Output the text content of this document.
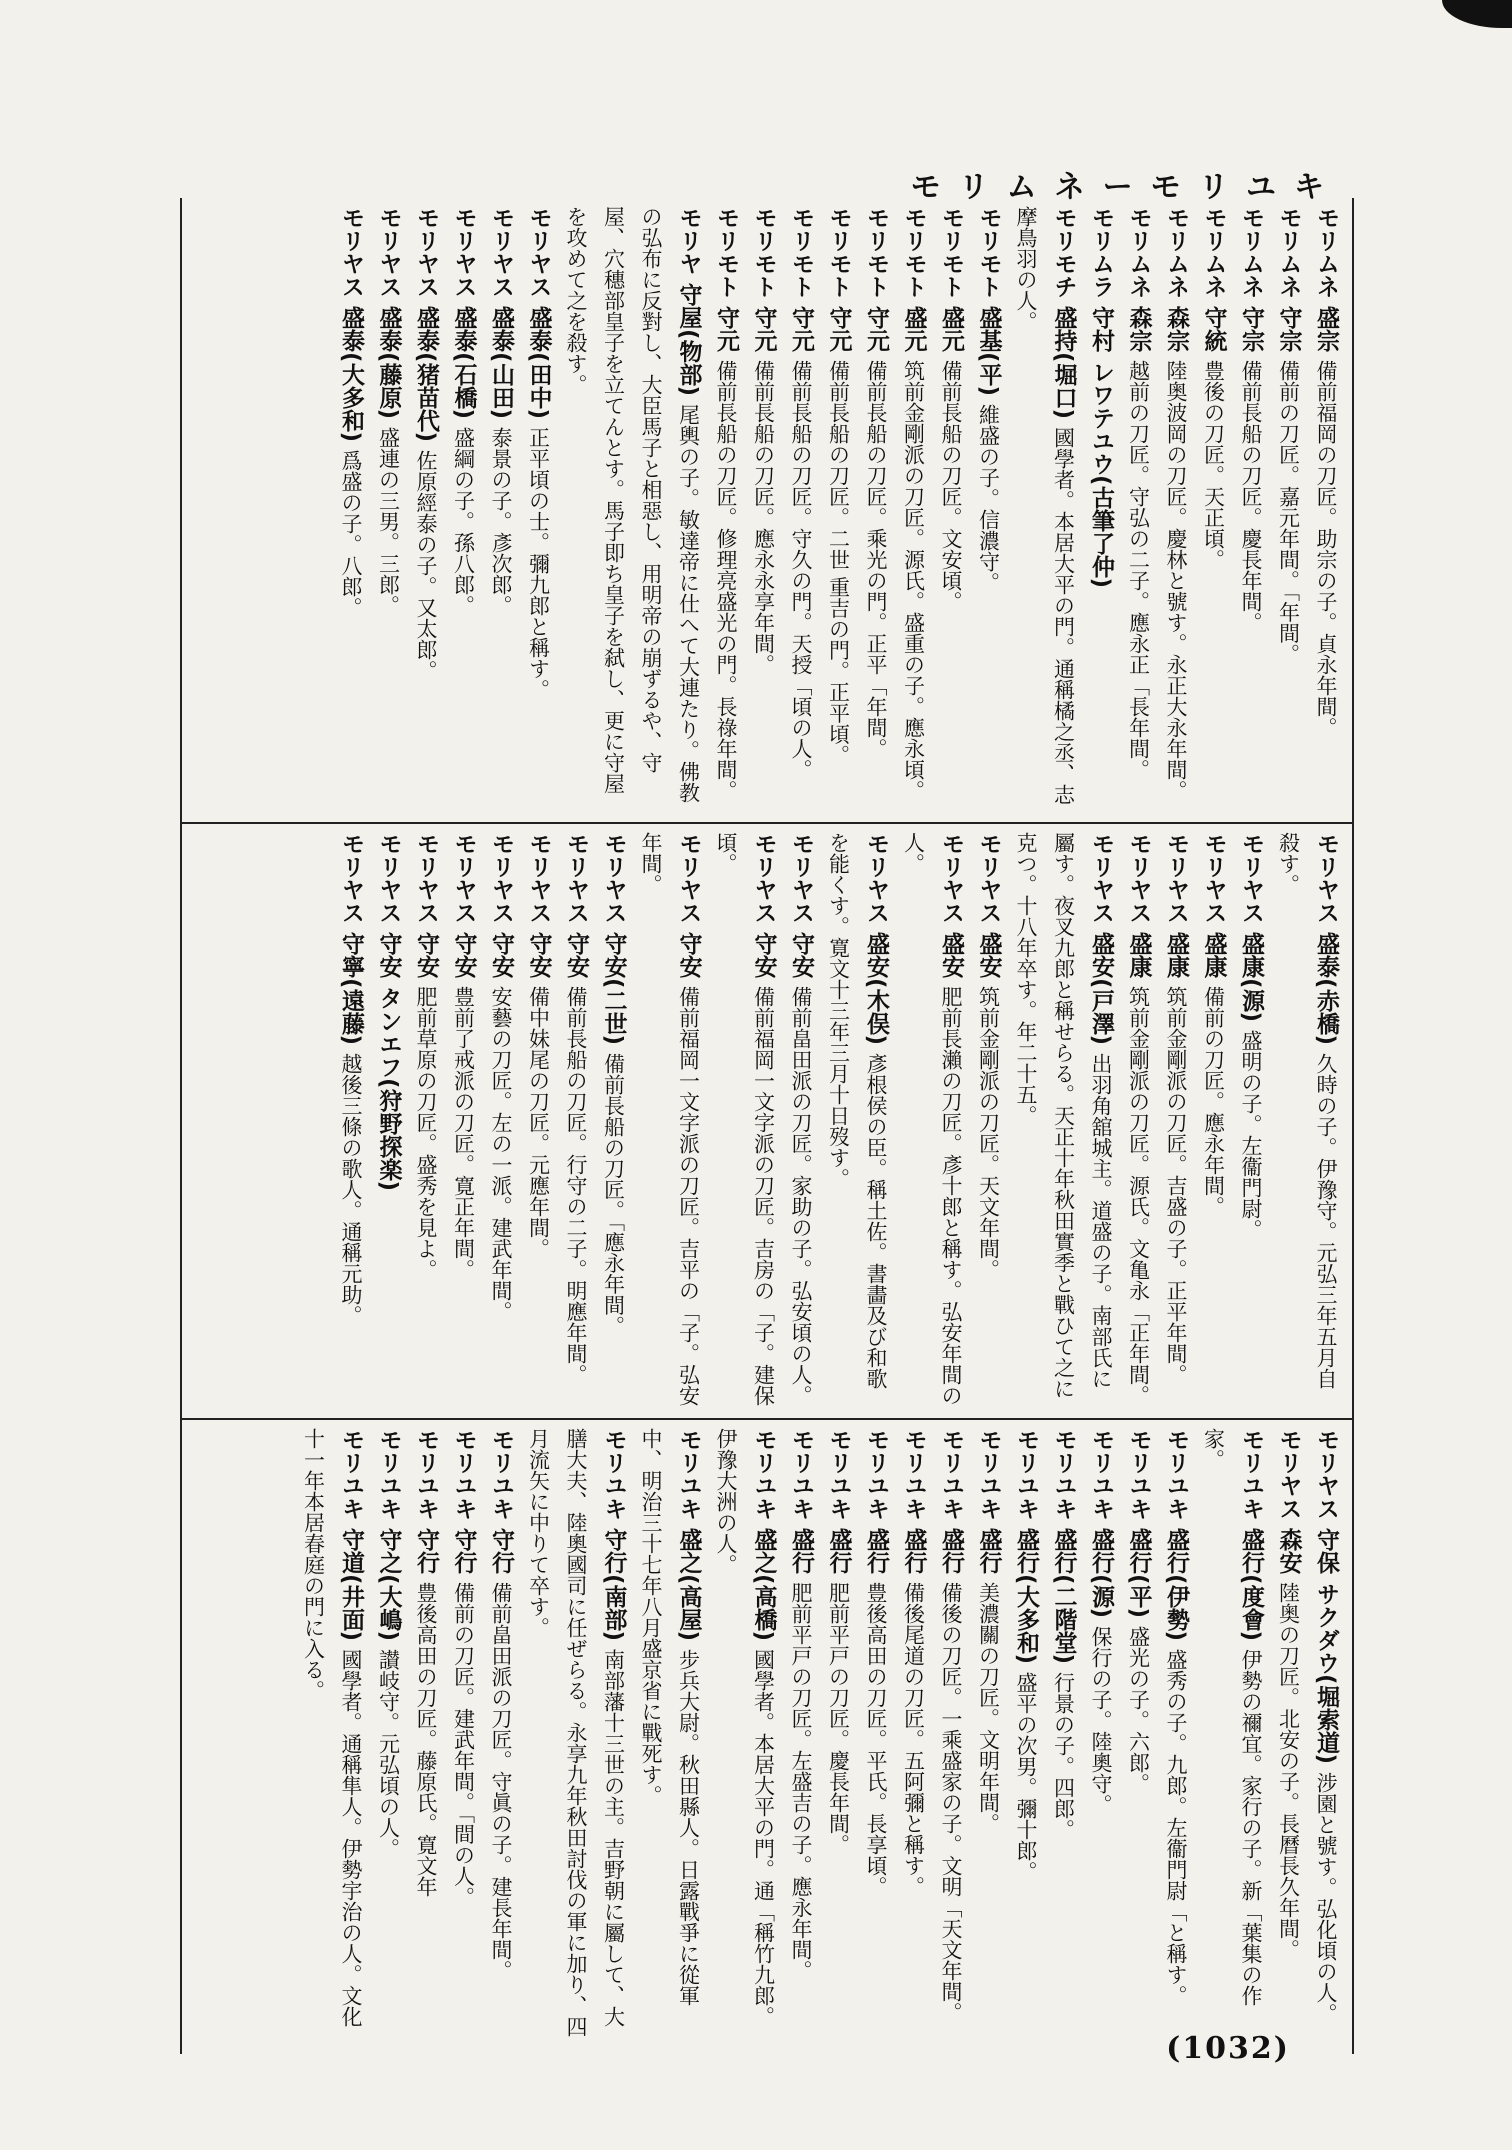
モリムネーモリユキ

モリムネ 盛宗 備前福岡の刀匠。助宗の子。貞永年間。

モリムネ 守宗 備前の刀匠。嘉元年間。「年間。

モリムネ 守宗 備前長船の刀匠。慶長年間。

モリムネ 守統 豊後の刀匠。天正頃。

モリムネ 森宗 陸奥波岡の刀匠。慶林と號す。永正大永年間。

モリムネ 森宗 越前の刀匠。守弘の二子。應永正「長年間。

モリムラ 守村 レワテユウ(古筆了仲)

モリモチ 盛持(堀口) 國學者。本居大平の門。通稱橘之丞、志摩鳥羽の人。

モリモト 盛基(平) 維盛の子。信濃守。

モリモト 盛元 備前長船の刀匠。文安頃。

モリモト 盛元 筑前金剛派の刀匠。源氏。盛重の子。應永頃。

モリモト 守元 備前長船の刀匠。乘光の門。正平「年間。

モリモト 守元 備前長船の刀匠。二世 重吉の門。正平頃。

モリモト 守元 備前長船の刀匠。守久の門。天授「頃の人。

モリモト 守元 備前長船の刀匠。應永永享年間。

モリモト 守元 備前長船の刀匠。修理亮盛光の門。長祿年間。

モリヤ 守屋(物部) 尾輿の子。敏達帝に仕へて大連たり。佛教の弘布に反對し、大臣馬子と相惡し、用明帝の崩ずるや、守屋、穴穗部皇子を立てんとす。馬子即ち皇子を弑し、更に守屋を攻めて之を殺す。

モリヤス 盛泰(田中) 正平頃の士。彌九郎と稱す。

モリヤス 盛泰(山田) 泰景の子。彥次郎。

モリヤス 盛泰(石橋) 盛綱の子。孫八郎。

モリヤス 盛泰(猪苗代) 佐原經泰の子。又太郎。

モリヤス 盛泰(藤原) 盛連の三男。三郎。

モリヤス 盛泰(大多和) 爲盛の子。八郎。

モリヤス 盛泰(赤橋) 久時の子。伊豫守。元弘三年五月自殺す。

モリヤス 盛康(源) 盛明の子。左衞門尉。

モリヤス 盛康 備前の刀匠。應永年間。

モリヤス 盛康 筑前金剛派の刀匠。吉盛の子。正平年間。

モリヤス 盛康 筑前金剛派の刀匠。源氏。文亀永「正年間。

モリヤス 盛安(戸澤) 出羽角舘城主。道盛の子。南部氏に屬す。夜叉九郎と稱せらる。天正十年秋田實季と戰ひて之に克つ。十八年卒す。年二十五。

モリヤス 盛安 筑前金剛派の刀匠。天文年間。

モリヤス 盛安 肥前長瀨の刀匠。彥十郎と稱す。弘安年間の人。

モリヤス 盛安(木俣) 彥根侯の臣。稱土佐。書畵及び和歌を能くす。寛文十三年三月十日歿す。

モリヤス 守安 備前畠田派の刀匠。家助の子。弘安頃の人。

モリヤス 守安 備前福岡一文字派の刀匠。吉房の「子。建保頃。

モリヤス 守安 備前福岡一文字派の刀匠。吉平の「子。弘安年間。

モリヤス 守安(二世) 備前長船の刀匠。「應永年間。

モリヤス 守安 備前長船の刀匠。行守の二子。明應年間。

モリヤス 守安 備中妹尾の刀匠。元應年間。

モリヤス 守安 安藝の刀匠。左の一派。建武年間。

モリヤス 守安 豊前了戒派の刀匠。寛正年間。

モリヤス 守安 肥前草原の刀匠。盛秀を見よ。

モリヤス 守安 タンエフ(狩野探楽)

モリヤス 守寧(遠藤) 越後三條の歌人。通稱元助。

モリヤス 守保 サクダウ(堀索道) 涉園と號す。弘化頃の人。

モリヤス 森安 陸奥の刀匠。北安の子。長曆長久年間。

モリユキ 盛行(度會) 伊勢の禰宜。家行の子。新「葉集の作家。

モリユキ 盛行(伊勢) 盛秀の子。九郎。左衞門尉「と稱す。

モリユキ 盛行(平) 盛光の子。六郎。

モリユキ 盛行(源) 保行の子。陸奧守。

モリユキ 盛行(二階堂) 行景の子。四郎。

モリユキ 盛行(大多和) 盛平の次男。彌十郎。

モリユキ 盛行 美濃關の刀匠。文明年間。

モリユキ 盛行 備後の刀匠。一乘盛家の子。文明「天文年間。

モリユキ 盛行 備後尾道の刀匠。五阿彌と稱す。

モリユキ 盛行 豊後高田の刀匠。平氏。長享頃。

モリユキ 盛行 肥前平戸の刀匠。慶長年間。

モリユキ 盛行 肥前平戸の刀匠。左盛吉の子。應永年間。

モリユキ 盛之(高橋) 國學者。本居大平の門。通「稱竹九郎。伊豫大洲の人。

モリユキ 盛之(高屋) 步兵大尉。秋田縣人。日露戰爭に從軍中、明治三十七年八月盛京省に戰死す。

モリユキ 守行(南部) 南部藩十三世の主。吉野朝に屬して、大膳大夫、陸奧國司に任ぜらる。永享九年秋田討伐の軍に加り、四月流矢に中りて卒す。

モリユキ 守行 備前畠田派の刀匠。守眞の子。建長年間。

モリユキ 守行 備前の刀匠。建武年間。「間の人。

モリユキ 守行 豊後高田の刀匠。藤原氏。寛文年

モリユキ 守之(大嶋) 讃岐守。元弘頃の人。

モリユキ 守道(井面) 國學者。通稱隼人。伊勢宇治の人。文化十一年本居春庭の門に入る。

(1032)
